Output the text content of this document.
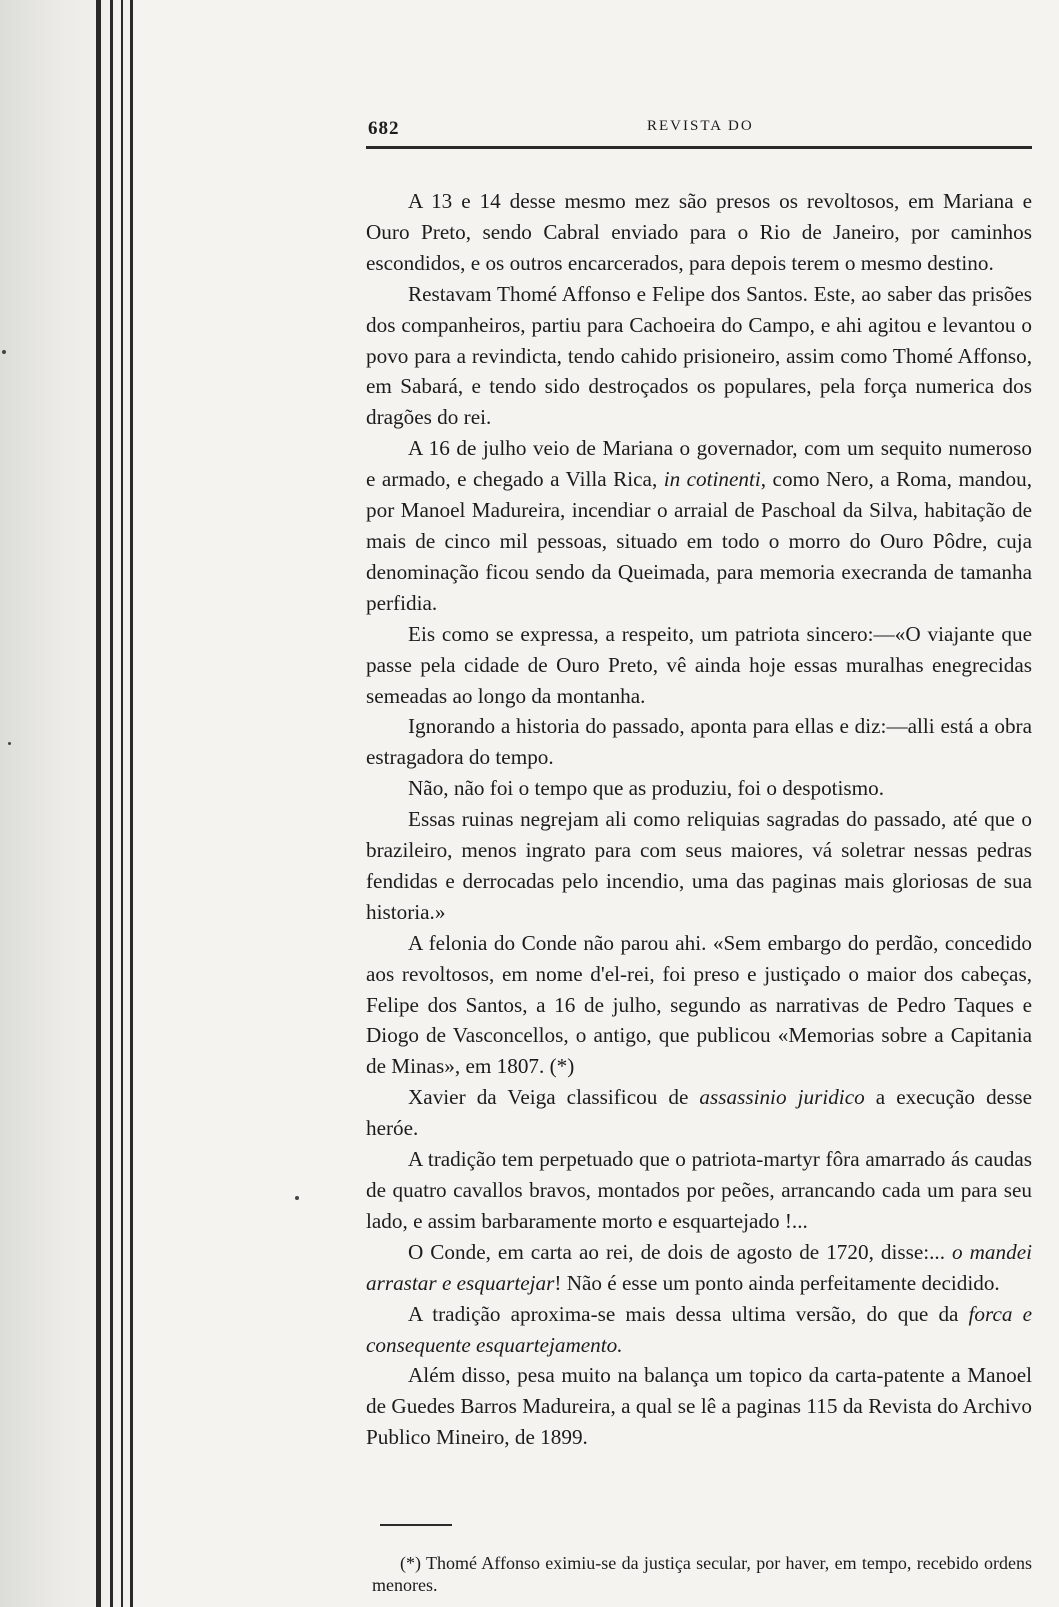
682	REVISTA DO

A 13 e 14 desse mesmo mez são presos os revoltosos, em Mariana e Ouro Preto, sendo Cabral enviado para o Rio de Janeiro, por caminhos escondidos, e os outros encarcerados, para depois terem o mesmo destino.

Restavam Thomé Affonso e Felipe dos Santos. Este, ao saber das prisões dos companheiros, partiu para Cachoeira do Campo, e ahi agitou e levantou o povo para a revindicta, tendo cahido prisioneiro, assim como Thomé Affonso, em Sabará, e tendo sido destroçados os populares, pela força numerica dos dragões do rei.

A 16 de julho veio de Mariana o governador, com um sequito numeroso e armado, e chegado a Villa Rica, in cotinenti, como Nero, a Roma, mandou, por Manoel Madureira, incendiar o arraial de Paschoal da Silva, habitação de mais de cinco mil pessoas, situado em todo o morro do Ouro Pôdre, cuja denominação ficou sendo da Queimada, para memoria execranda de tamanha perfidia.

Eis como se expressa, a respeito, um patriota sincero:—«O viajante que passe pela cidade de Ouro Preto, vê ainda hoje essas muralhas enegrecidas semeadas ao longo da montanha.

Ignorando a historia do passado, aponta para ellas e diz:—alli está a obra estragadora do tempo.

Não, não foi o tempo que as produziu, foi o despotismo.

Essas ruinas negrejam ali como reliquias sagradas do passado, até que o brazileiro, menos ingrato para com seus maiores, vá soletrar nessas pedras fendidas e derrocadas pelo incendio, uma das paginas mais gloriosas de sua historia.»

A felonia do Conde não parou ahi. «Sem embargo do perdão, concedido aos revoltosos, em nome d'el-rei, foi preso e justiçado o maior dos cabeças, Felipe dos Santos, a 16 de julho, segundo as narrativas de Pedro Taques e Diogo de Vasconcellos, o antigo, que publicou «Memorias sobre a Capitania de Minas», em 1807. (*)

Xavier da Veiga classificou de assassinio juridico a execução desse heróe.

A tradição tem perpetuado que o patriota-martyr fôra amarrado ás caudas de quatro cavallos bravos, montados por peões, arrancando cada um para seu lado, e assim barbaramente morto e esquartejado !...

O Conde, em carta ao rei, de dois de agosto de 1720, disse:... o mandei arrastar e esquartejar! Não é esse um ponto ainda perfeitamente decidido.

A tradição aproxima-se mais dessa ultima versão, do que da forca e consequente esquartejamento.

Além disso, pesa muito na balança um topico da carta-patente a Manoel de Guedes Barros Madureira, a qual se lê a paginas 115 da Revista do Archivo Publico Mineiro, de 1899.

(*) Thomé Affonso eximiu-se da justiça secular, por haver, em tempo, recebido ordens menores.
